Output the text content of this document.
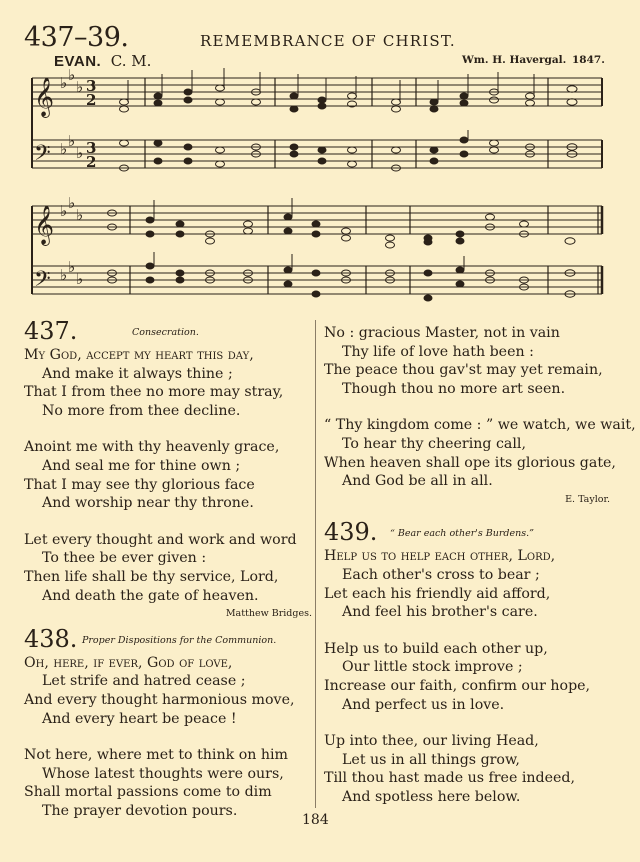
437–39.	REMEMBRANCE OF CHRIST.
EVAN. C. M.	Wm. H. Havergal. 1847.
𝄞
𝄢
𝄞
𝄢
♭ ♭
♭
♭ ♭
♭
♭ ♭
♭
♭ ♭
♭
3
2
3
2
437.	Consecration.
My God, accept my heart this day,
And make it always thine ;
That I from thee no more may stray,
No more from thee decline.
Anoint me with thy heavenly grace,
And seal me for thine own ;
That I may see thy glorious face
And worship near thy throne.
Let every thought and work and word
To thee be ever given :
Then life shall be thy service, Lord,
And death the gate of heaven.
Matthew Bridges.
438. Proper Dispositions for the Communion.
Oh, here, if ever, God of love,
Let strife and hatred cease ;
And every thought harmonious move,
And every heart be peace !
Not here, where met to think on him
Whose latest thoughts were ours,
Shall mortal passions come to dim
The prayer devotion pours.
No : gracious Master, not in vain
Thy life of love hath been :
The peace thou gav'st may yet remain,
Though thou no more art seen.
“ Thy kingdom come : ” we watch, we wait,
To hear thy cheering call,
When heaven shall ope its glorious gate,
And God be all in all.
E. Taylor.
439. “ Bear each other's Burdens.”
Help us to help each other, Lord,
Each other's cross to bear ;
Let each his friendly aid afford,
And feel his brother's care.
Help us to build each other up,
Our little stock improve ;
Increase our faith, confirm our hope,
And perfect us in love.
Up into thee, our living Head,
Let us in all things grow,
Till thou hast made us free indeed,
And spotless here below.
184
